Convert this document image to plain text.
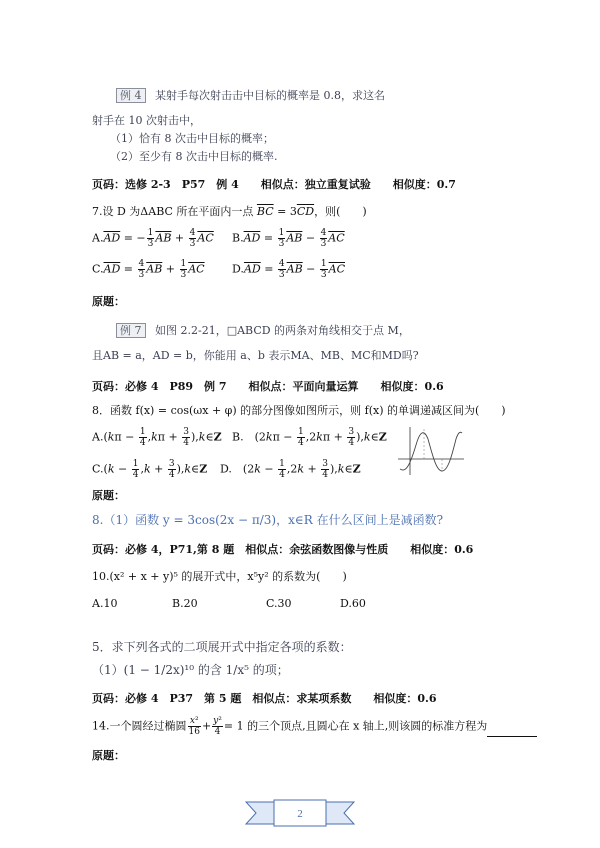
例 4 某射手每次射击击中目标的概率是 0.8，求这名
射手在 10 次射击中，
（1）恰有 8 次击中目标的概率；
（2）至少有 8 次击中目标的概率.
页码：选修 2-3　P57　例 4　　相似点：独立重复试验　　相似度：0.7
7.设 D 为ΔABC 所在平面内一点 $\overline{BC} = 3\overline{CD}$，则(　　)
$A.\overline{AD}$ = − $\frac{1}{3} \overline{AB} + \frac{4}{3} \overline{AC}$ $B.\overline{AD} = \frac{1}{3} \overline{AB} - \frac{4}{3} \overline{AC}$
$C.\overline{AD} = \frac{4}{3} \overline{AB} + \frac{1}{3} \overline{AC}$ $D.\overline{AD} = \frac{4}{3} \overline{AB} - \frac{1}{3} \overline{AC}$
原题：
例 7 如图 2.2-21，□ABCD 的两条对角线相交于点 M，
且AB = a，AD = b，你能用 a、b 表示MA、MB、MC和MD吗?
页码：必修 4　P89　例 7　　相似点：平面向量运算　　相似度：0.6
8．函数 f(x) = cos(ωx + φ) 的部分图像如图所示，则 f(x) 的单调递减区间为(　　)
$A.(k\pi - \frac{1}{4} ,k\pi + \frac{3}{4}$ ),k∈Z B.　($2k\pi - \frac{1}{4} ,2k\pi + \frac{3}{4}$ ),k∈Z
$C.(k - \frac{1}{4} ,k + \frac{3}{4}$ ),k∈Z D.　($2k - \frac{1}{4} ,2k + \frac{3}{4}$ ),k∈Z
原题：
8.（1）函数 y = 3cos(2x − π/3)，x∈R 在什么区间上是减函数?
页码：必修 4，P71,第 8 题　相似点：余弦函数图像与性质　　相似度：0.6
10.(x² + x + y)⁵ 的展开式中，x⁵y² 的系数为(　　)
A.10	B.20	C.30	D.60
5．求下列各式的二项展开式中指定各项的系数：
（1）(1 − 1/2x)¹⁰ 的含 1/x⁵ 的项；
页码：必修 4　P37　第 5 题　相似点：求某项系数　　相似度：0.6
14.一个圆经过椭圆 $\frac{\text{x²}}{16} + \frac{\text{y²}}{4} = 1$ 的三个顶点,且圆心在 x 轴上,则该圆的标准方程为
原题：
2
